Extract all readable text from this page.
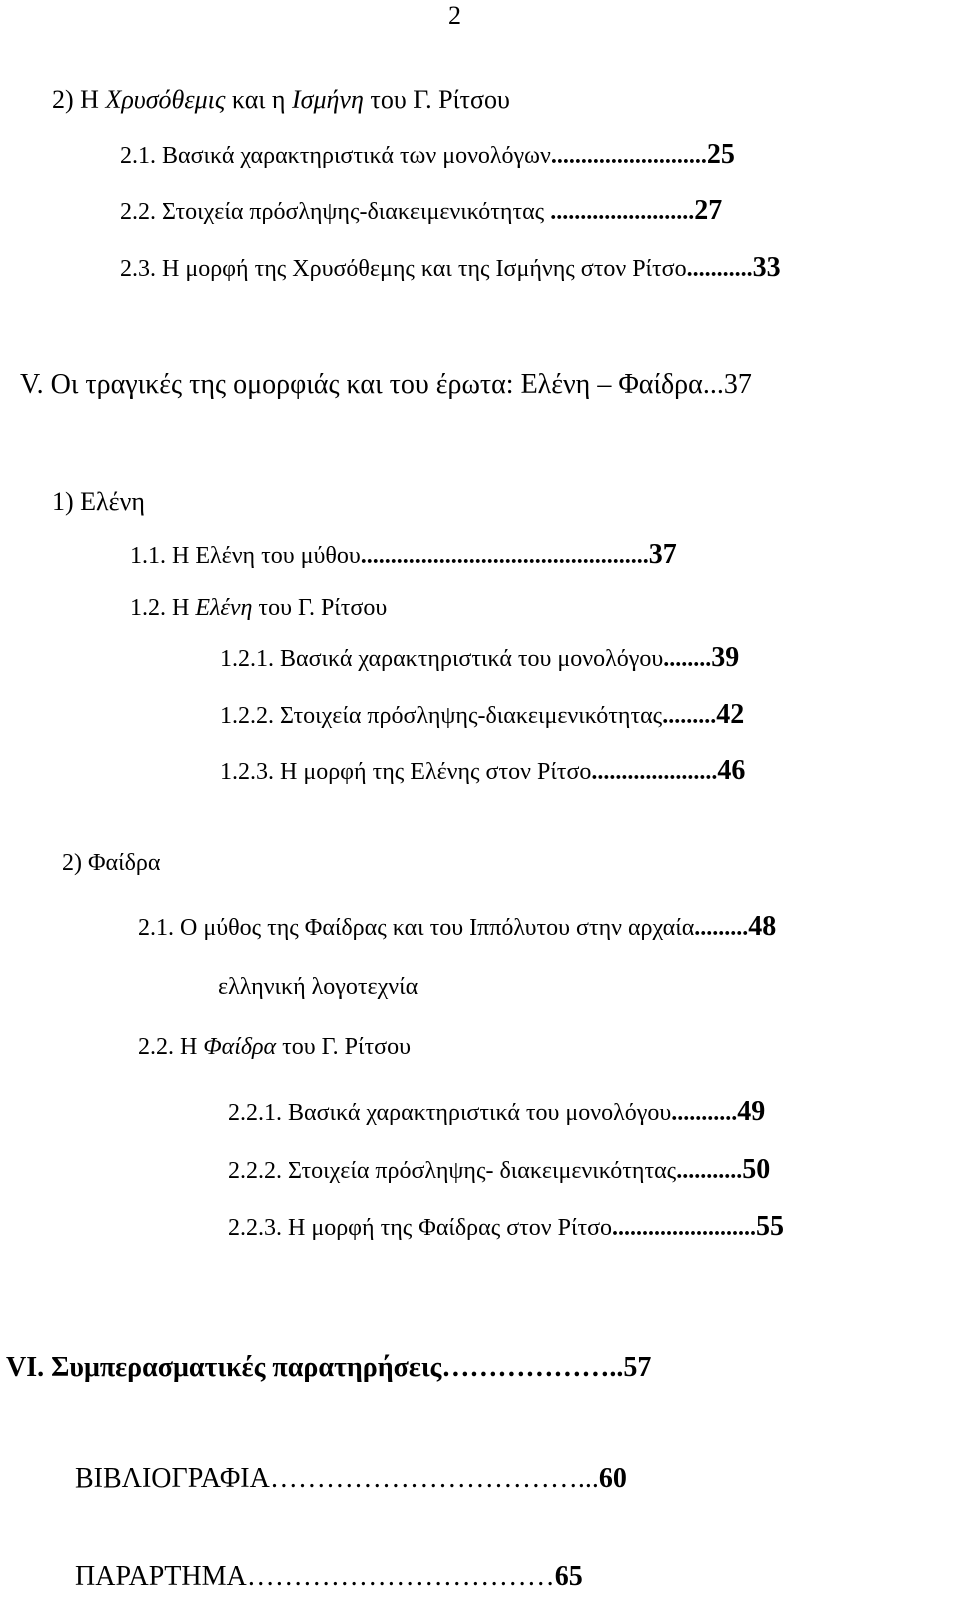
2
2) Η Χρυσόθεμις και η Ισμήνη του Γ. Ρίτσου
2.1. Βασικά χαρακτηριστικά των μονολόγων..........................25
2.2. Στοιχεία πρόσληψης-διακειμενικότητας ........................27
2.3. Η μορφή της Χρυσόθεμης και της Ισμήνης στον Ρίτσο...........33
V. Οι τραγικές της ομορφιάς και του έρωτα: Ελένη – Φαίδρα...37
1) Ελένη
1.1. Η Ελένη του μύθου................................................37
1.2. Η Ελένη του Γ. Ρίτσου
1.2.1. Βασικά χαρακτηριστικά του μονολόγου........39
1.2.2. Στοιχεία πρόσληψης-διακειμενικότητας.........42
1.2.3. Η μορφή της Ελένης στον Ρίτσο.....................46
2) Φαίδρα
2.1. Ο μύθος της Φαίδρας και του Ιππόλυτου στην αρχαία.........48
ελληνική λογοτεχνία
2.2. Η Φαίδρα του Γ. Ρίτσου
2.2.1. Βασικά χαρακτηριστικά του μονολόγου...........49
2.2.2. Στοιχεία πρόσληψης- διακειμενικότητας...........50
2.2.3. Η μορφή της Φαίδρας στον Ρίτσο........................55
VI. Συμπερασματικές παρατηρήσεις………………..57
ΒΙΒΛΙΟΓΡΑΦΙΑ……………………………...60
ΠΑΡΑΡΤΗΜΑ……………………………65
